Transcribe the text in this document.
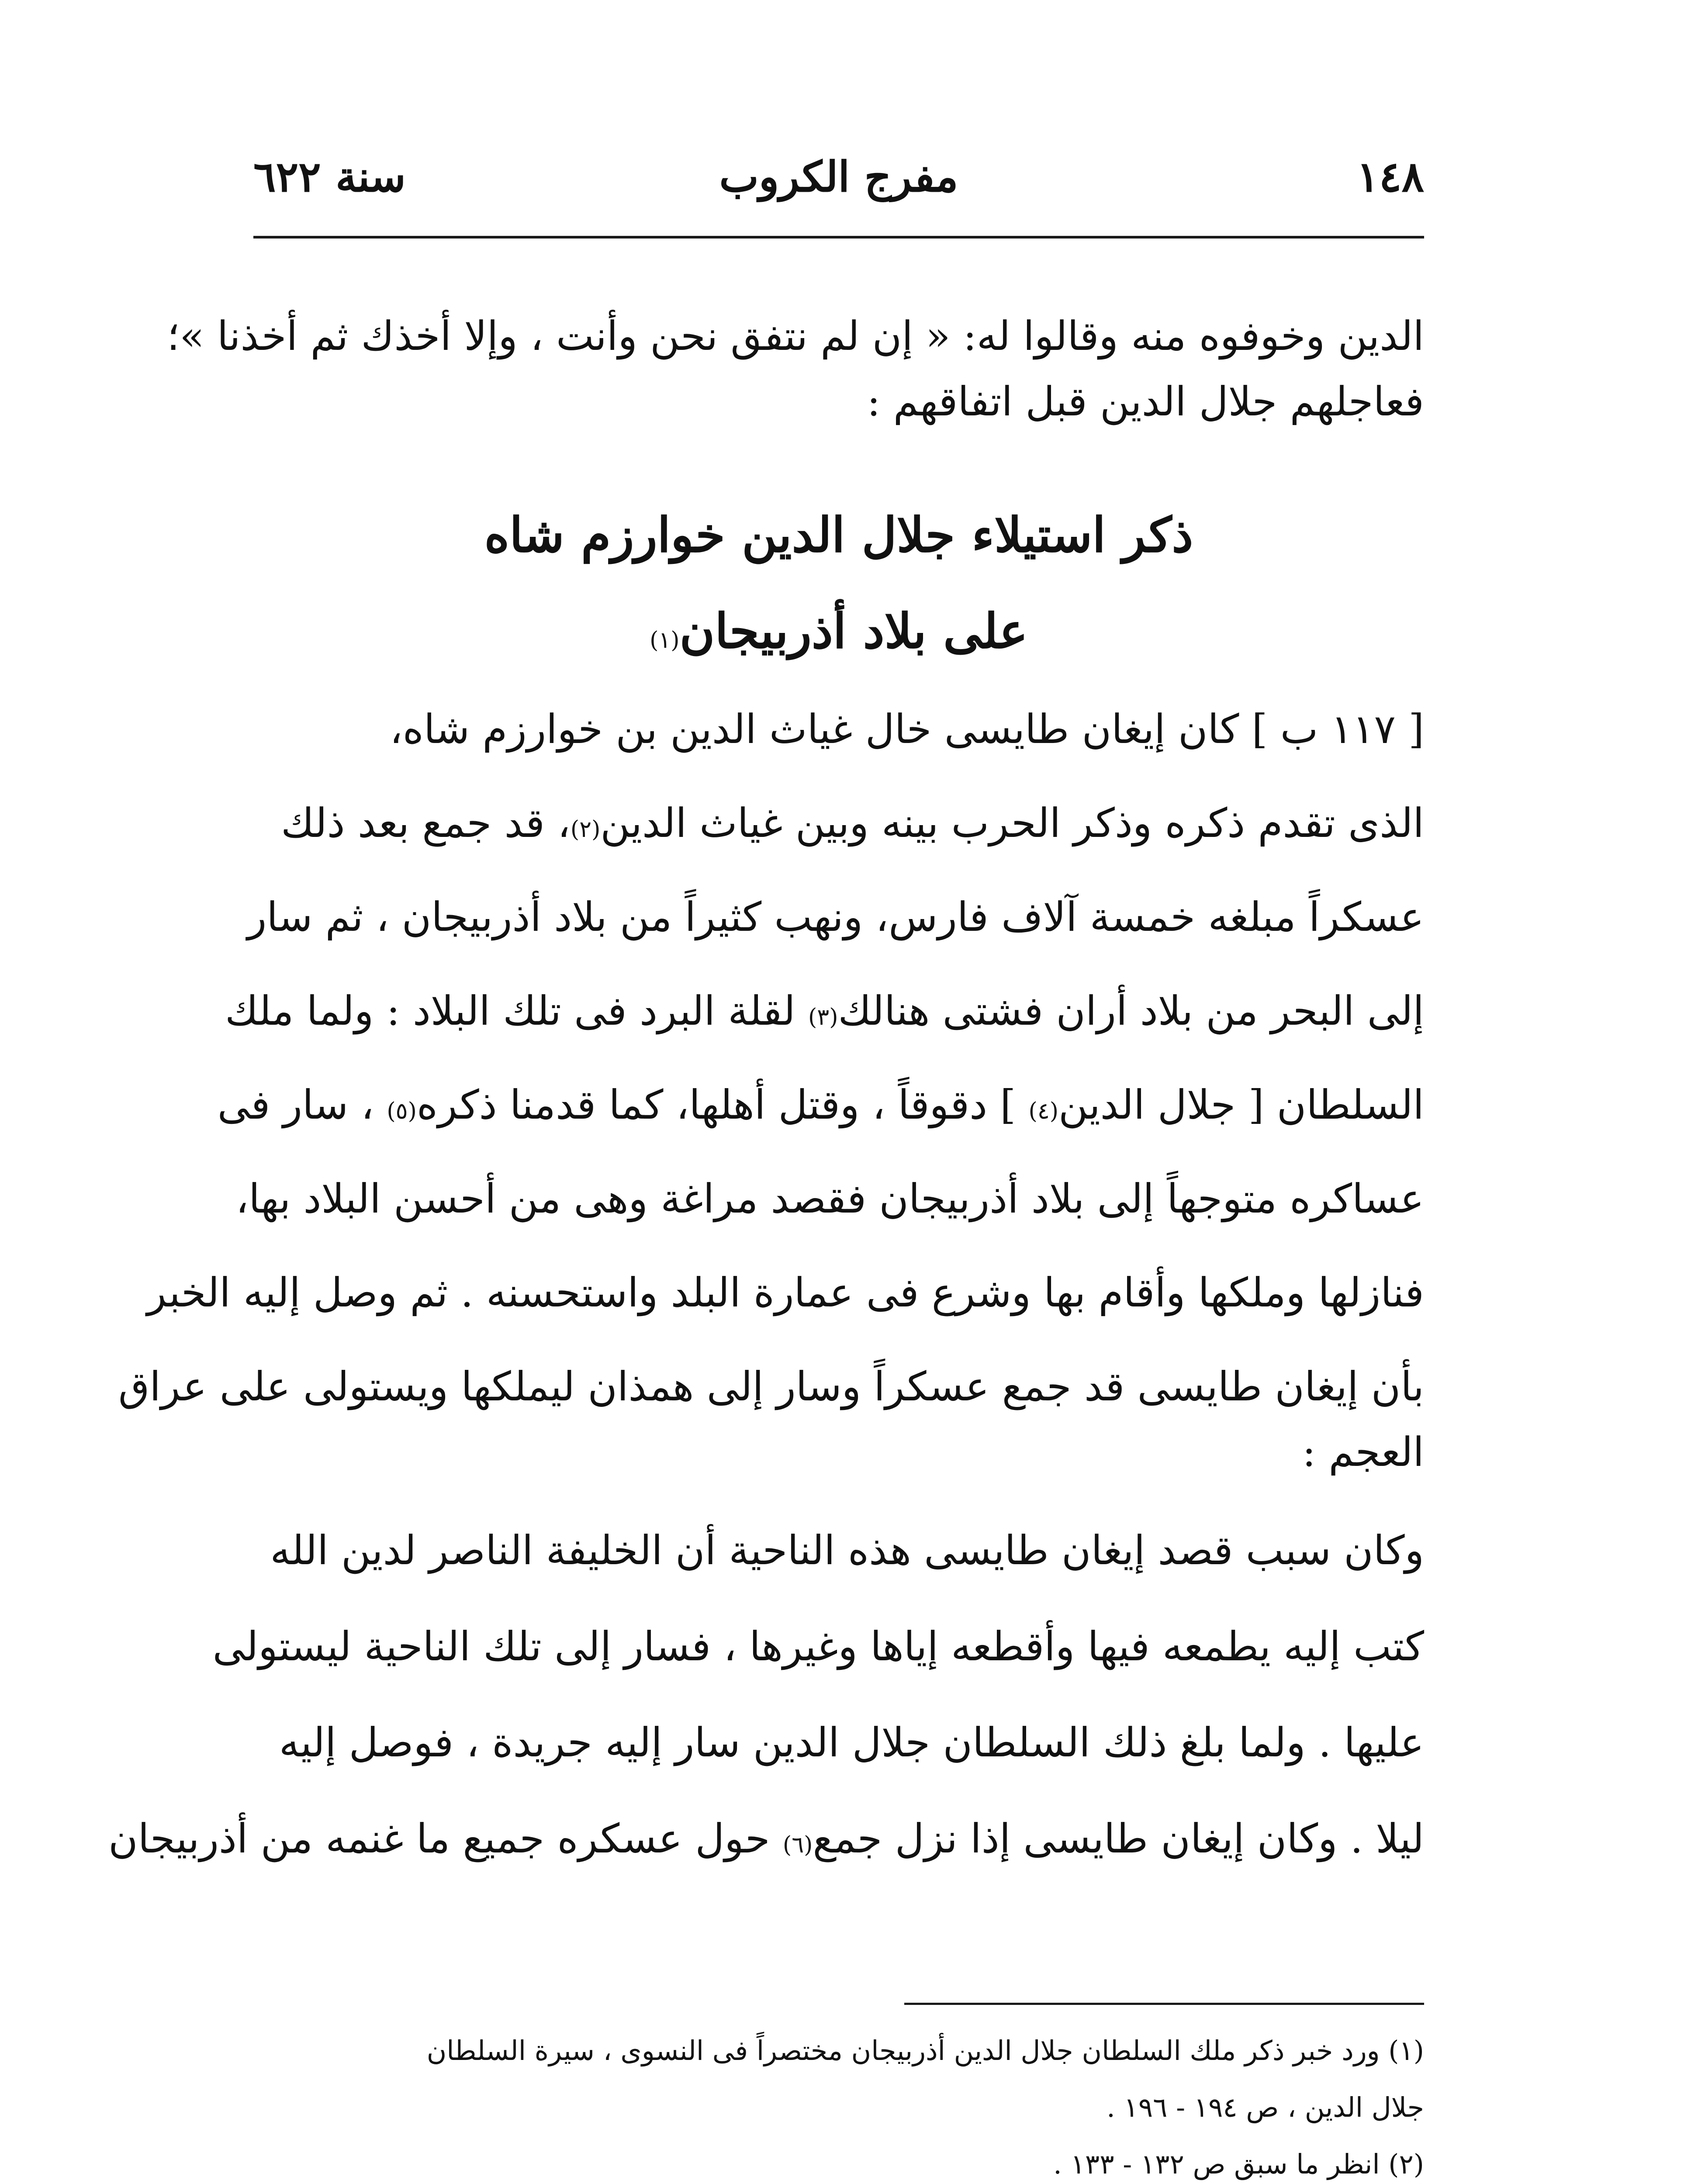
١٤٨
مفرج الكروب
سنة ٦٢٢
الدين وخوفوه منه وقالوا له: « إن لم نتفق نحن وأنت ، وإلا أخذك ثم أخذنا »؛
فعاجلهم جلال الدين قبل اتفاقهم :
ذكر استيلاء جلال الدين خوارزم شاه
على بلاد أذربيجان$^{(١)}$
[ ١١٧ ب ] كان إيغان طايسى خال غياث الدين بن خوارزم شاه،
الذى تقدم ذكره وذكر الحرب بينه وبين غياث الدين$^{(٢)}$، قد جمع بعد ذلك
عسكراً مبلغه خمسة آلاف فارس، ونهب كثيراً من بلاد أذربيجان ، ثم سار
إلى البحر من بلاد أران فشتى هنالك$^{(٣)}$ لقلة البرد فى تلك البلاد : ولما ملك
السلطان [ جلال الدين$^{(٤)}$ ] دقوقاً ، وقتل أهلها، كما قدمنا ذكره$^{(٥)}$ ، سار فى
عساكره متوجهاً إلى بلاد أذربيجان فقصد مراغة وهى من أحسن البلاد بها،
فنازلها وملكها وأقام بها وشرع فى عمارة البلد واستحسنه . ثم وصل إليه الخبر
بأن إيغان طايسى قد جمع عسكراً وسار إلى همذان ليملكها ويستولى على عراق
العجم :
وكان سبب قصد إيغان طايسى هذه الناحية أن الخليفة الناصر لدين الله
كتب إليه يطمعه فيها وأقطعه إياها وغيرها ، فسار إلى تلك الناحية ليستولى
عليها . ولما بلغ ذلك السلطان جلال الدين سار إليه جريدة ، فوصل إليه
ليلا . وكان إيغان طايسى إذا نزل جمع$^{(٦)}$ حول عسكره جميع ما غنمه من أذربيجان
(١) ورد خبر ذكر ملك السلطان جلال الدين أذربيجان مختصراً فى النسوى ، سيرة السلطان
جلال الدين ، ص ١٩٤ - ١٩٦ .
(٢) انظر ما سبق ص ١٣٢ - ١٣٣ .
